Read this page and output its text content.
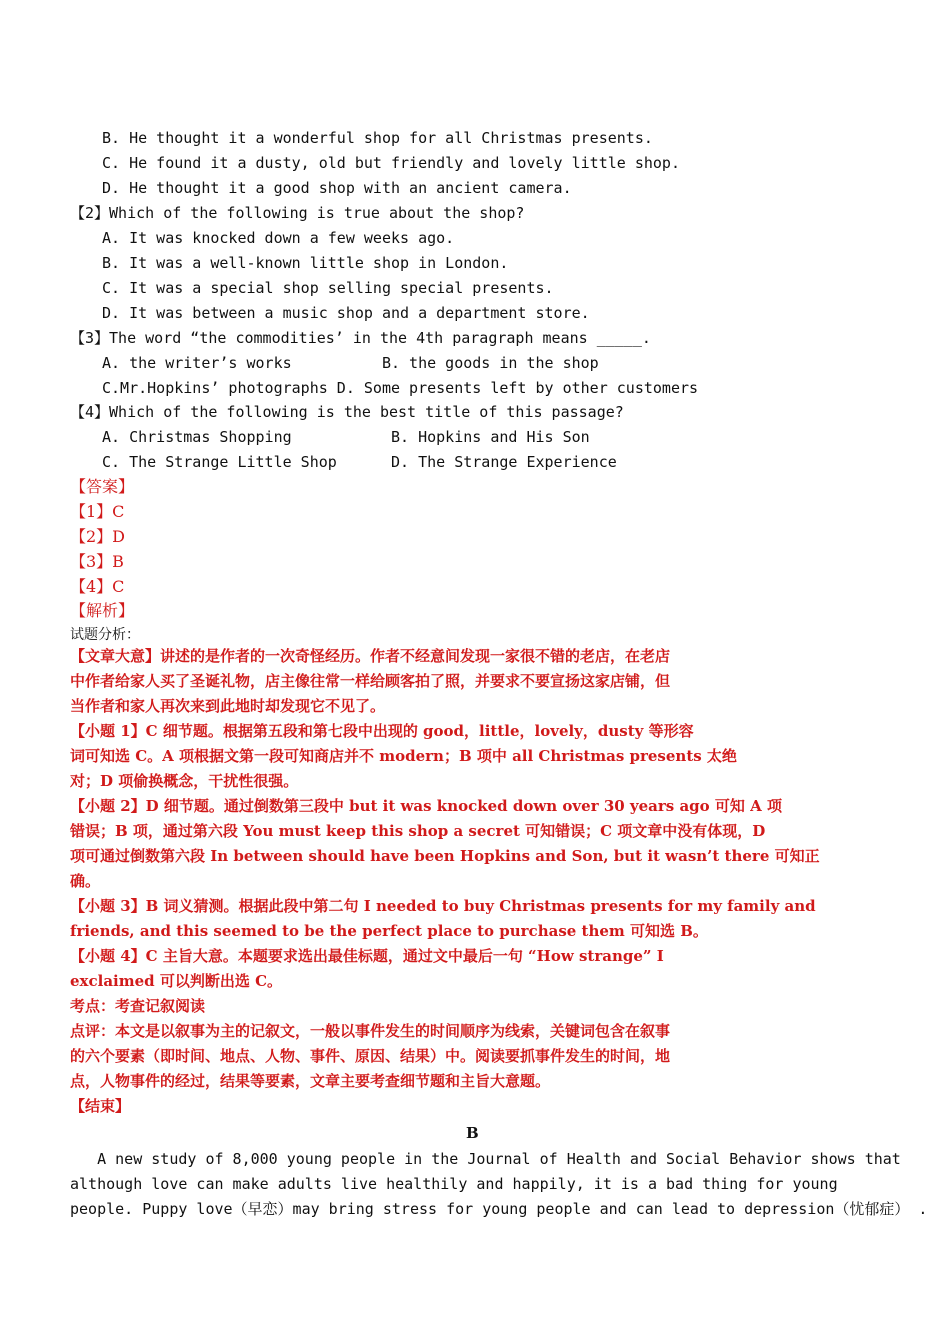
B. He thought it a wonderful shop for all Christmas presents.
C. He found it a dusty, old but friendly and lovely little shop.
D. He thought it a good shop with an ancient camera.
【2】Which of the following is true about the shop?
A. It was knocked down a few weeks ago.
B. It was a well-known little shop in London.
C. It was a special shop selling special presents.
D. It was between a music shop and a department store.
【3】The word “the commodities’ in the 4th paragraph means _____.
A. the writer’s works          B. the goods in the shop
C.Mr.Hopkins’ photographs D. Some presents left by other customers
【4】Which of the following is the best title of this passage?
A. Christmas Shopping           B. Hopkins and His Son
C. The Strange Little Shop      D. The Strange Experience
【答案】
【1】C
【2】D
【3】B
【4】C
【解析】
试题分析：
【文章大意】讲述的是作者的一次奇怪经历。作者不经意间发现一家很不错的老店，在老店
中作者给家人买了圣诞礼物，店主像往常一样给顾客拍了照，并要求不要宣扬这家店铺，但
当作者和家人再次来到此地时却发现它不见了。
【小题 1】C 细节题。根据第五段和第七段中出现的 good，little，lovely，dusty 等形容
词可知选 C。A 项根据文第一段可知商店并不 modern；B 项中 all Christmas presents 太绝
对；D 项偷换概念，干扰性很强。
【小题 2】D 细节题。通过倒数第三段中 but it was knocked down over 30 years ago 可知 A 项
错误；B 项，通过第六段 You must keep this shop a secret 可知错误；C 项文章中没有体现，D
项可通过倒数第六段 In between should have been Hopkins and Son, but it wasn’t there 可知正
确。
【小题 3】B 词义猜测。根据此段中第二句 I needed to buy Christmas presents for my family and
friends, and this seemed to be the perfect place to purchase them 可知选 B。
【小题 4】C 主旨大意。本题要求选出最佳标题，通过文中最后一句 “How strange” I
exclaimed 可以判断出选 C。
考点：考查记叙阅读
点评：本文是以叙事为主的记叙文，一般以事件发生的时间顺序为线索，关键词包含在叙事
的六个要素（即时间、地点、人物、事件、原因、结果）中。阅读要抓事件发生的时间，地
点，人物事件的经过，结果等要素，文章主要考查细节题和主旨大意题。
【结束】
B
A new study of 8,000 young people in the Journal of Health and Social Behavior shows that
although love can make adults live healthily and happily, it is a bad thing for young
people. Puppy love（早恋）may bring stress for young people and can lead to depression（忧郁症） .
